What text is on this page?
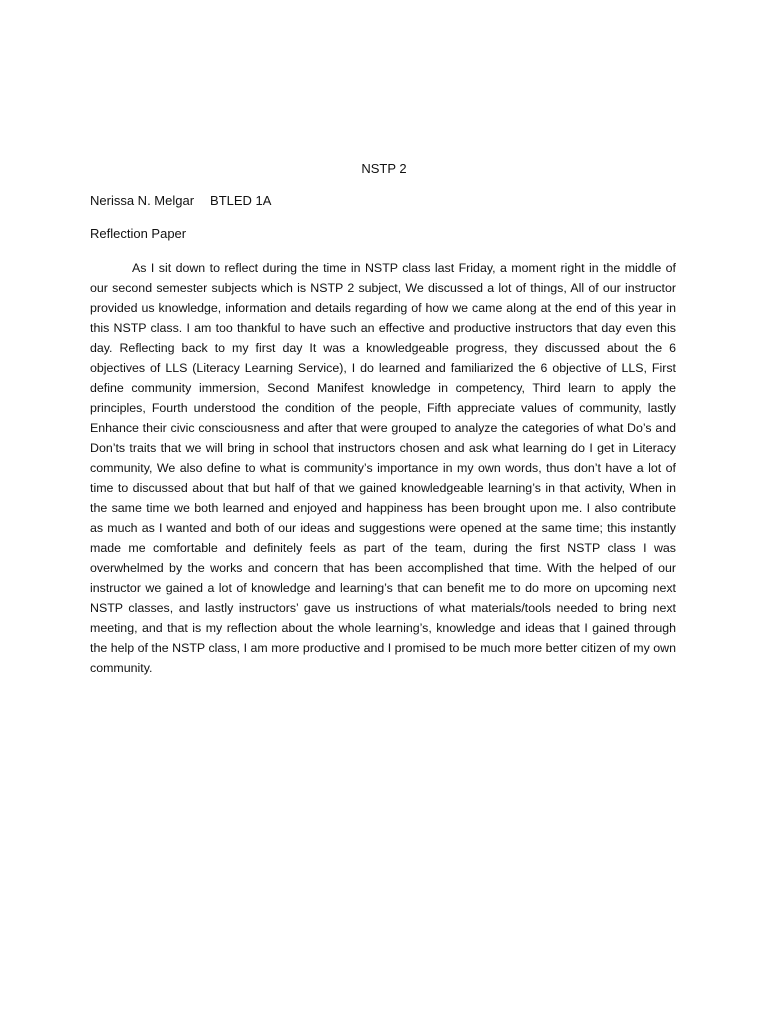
NSTP 2
Nerissa N. Melgar BTLED 1A
Reflection Paper

As I sit down to reflect during the time in NSTP class last Friday, a moment right in the middle of our second semester subjects which is NSTP 2 subject, We discussed a lot of things, All of our instructor provided us knowledge, information and details regarding of how we came along at the end of this year in this NSTP class. I am too thankful to have such an effective and productive instructors that day even this day. Reflecting back to my first day It was a knowledgeable progress, they discussed about the 6 objectives of LLS (Literacy Learning Service), I do learned and familiarized the 6 objective of LLS, First define community immersion, Second Manifest knowledge in competency, Third learn to apply the principles, Fourth understood the condition of the people, Fifth appreciate values of community, lastly Enhance their civic consciousness and after that were grouped to analyze the categories of what Do’s and Don’ts traits that we will bring in school that instructors chosen and ask what learning do I get in Literacy community, We also define to what is community’s importance in my own words, thus don’t have a lot of time to discussed about that but half of that we gained knowledgeable learning’s in that activity, When in the same time we both learned and enjoyed and happiness has been brought upon me. I also contribute as much as I wanted and both of our ideas and suggestions were opened at the same time; this instantly made me comfortable and definitely feels as part of the team, during the first NSTP class I was overwhelmed by the works and concern that has been accomplished that time. With the helped of our instructor we gained a lot of knowledge and learning’s that can benefit me to do more on upcoming next NSTP classes, and lastly instructors’ gave us instructions of what materials/tools needed to bring next meeting, and that is my reflection about the whole learning’s, knowledge and ideas that I gained through the help of the NSTP class, I am more productive and I promised to be much more better citizen of my own community.
